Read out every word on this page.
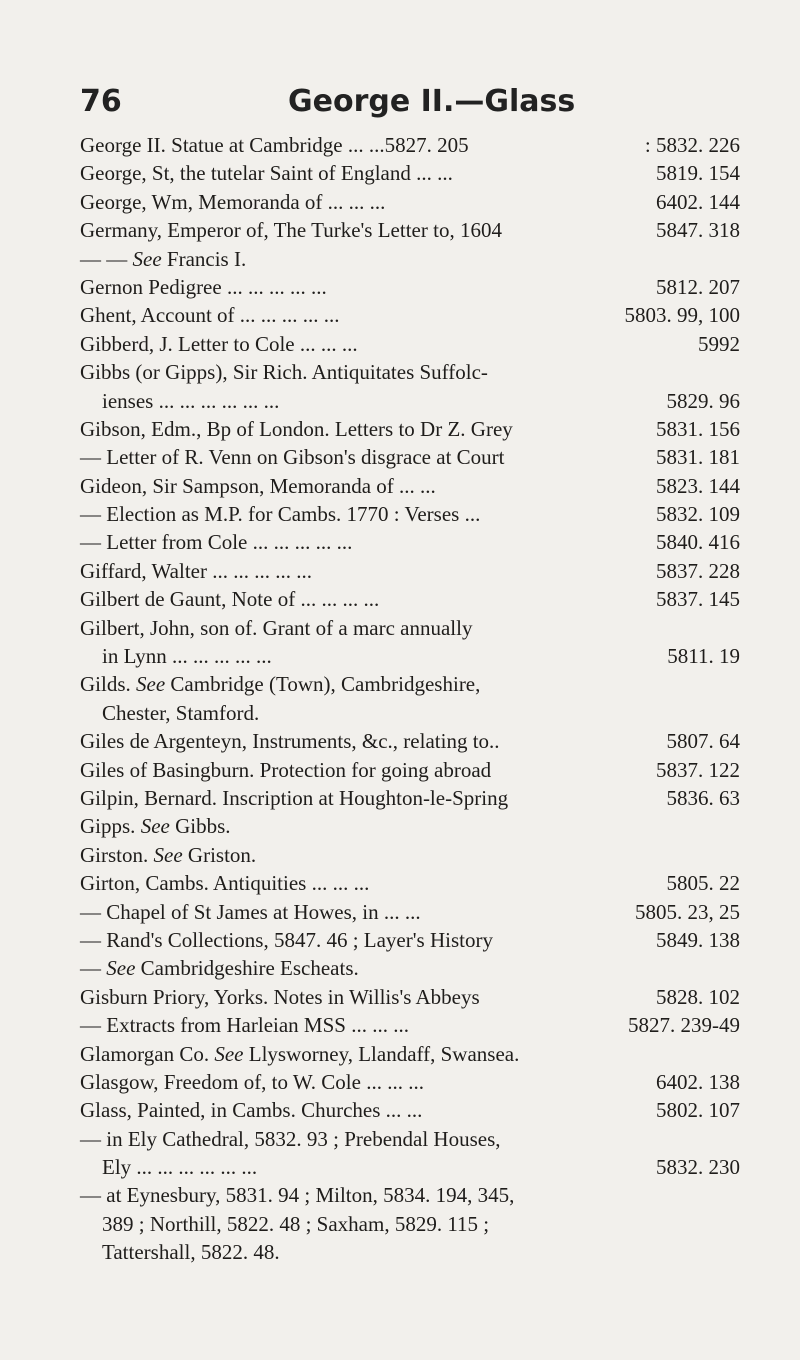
76	George II.—Glass
George II. Statue at Cambridge ... ...5827. 205	: 5832. 226
George, St, the tutelar Saint of England ... ...	5819. 154
George, Wm, Memoranda of ... ... ...	6402. 144
Germany, Emperor of, The Turke's Letter to, 1604	5847. 318
— — See Francis I.
Gernon Pedigree ... ... ... ... ...	5812. 207
Ghent, Account of ... ... ... ... ...	5803. 99, 100
Gibberd, J. Letter to Cole ... ... ...	5992
Gibbs (or Gipps), Sir Rich. Antiquitates Suffolc-
ienses ... ... ... ... ... ...	5829. 96
Gibson, Edm., Bp of London. Letters to Dr Z. Grey	5831. 156
— Letter of R. Venn on Gibson's disgrace at Court	5831. 181
Gideon, Sir Sampson, Memoranda of ... ...	5823. 144
— Election as M.P. for Cambs. 1770 : Verses ...	5832. 109
— Letter from Cole ... ... ... ... ...	5840. 416
Giffard, Walter ... ... ... ... ...	5837. 228
Gilbert de Gaunt, Note of ... ... ... ...	5837. 145
Gilbert, John, son of. Grant of a marc annually
in Lynn ... ... ... ... ...	5811. 19
Gilds. See Cambridge (Town), Cambridgeshire,
Chester, Stamford.
Giles de Argenteyn, Instruments, &c., relating to..	5807. 64
Giles of Basingburn. Protection for going abroad	5837. 122
Gilpin, Bernard. Inscription at Houghton-le-Spring	5836. 63
Gipps. See Gibbs.
Girston. See Griston.
Girton, Cambs. Antiquities ... ... ...	5805. 22
— Chapel of St James at Howes, in ... ...	5805. 23, 25
— Rand's Collections, 5847. 46 ; Layer's History	5849. 138
— See Cambridgeshire Escheats.
Gisburn Priory, Yorks. Notes in Willis's Abbeys	5828. 102
— Extracts from Harleian MSS ... ... ...	5827. 239-49
Glamorgan Co. See Llysworney, Llandaff, Swansea.
Glasgow, Freedom of, to W. Cole ... ... ...	6402. 138
Glass, Painted, in Cambs. Churches ... ...	5802. 107
— in Ely Cathedral, 5832. 93 ; Prebendal Houses,
Ely ... ... ... ... ... ...	5832. 230
— at Eynesbury, 5831. 94 ; Milton, 5834. 194, 345,
389 ; Northill, 5822. 48 ; Saxham, 5829. 115 ;
Tattershall, 5822. 48.
